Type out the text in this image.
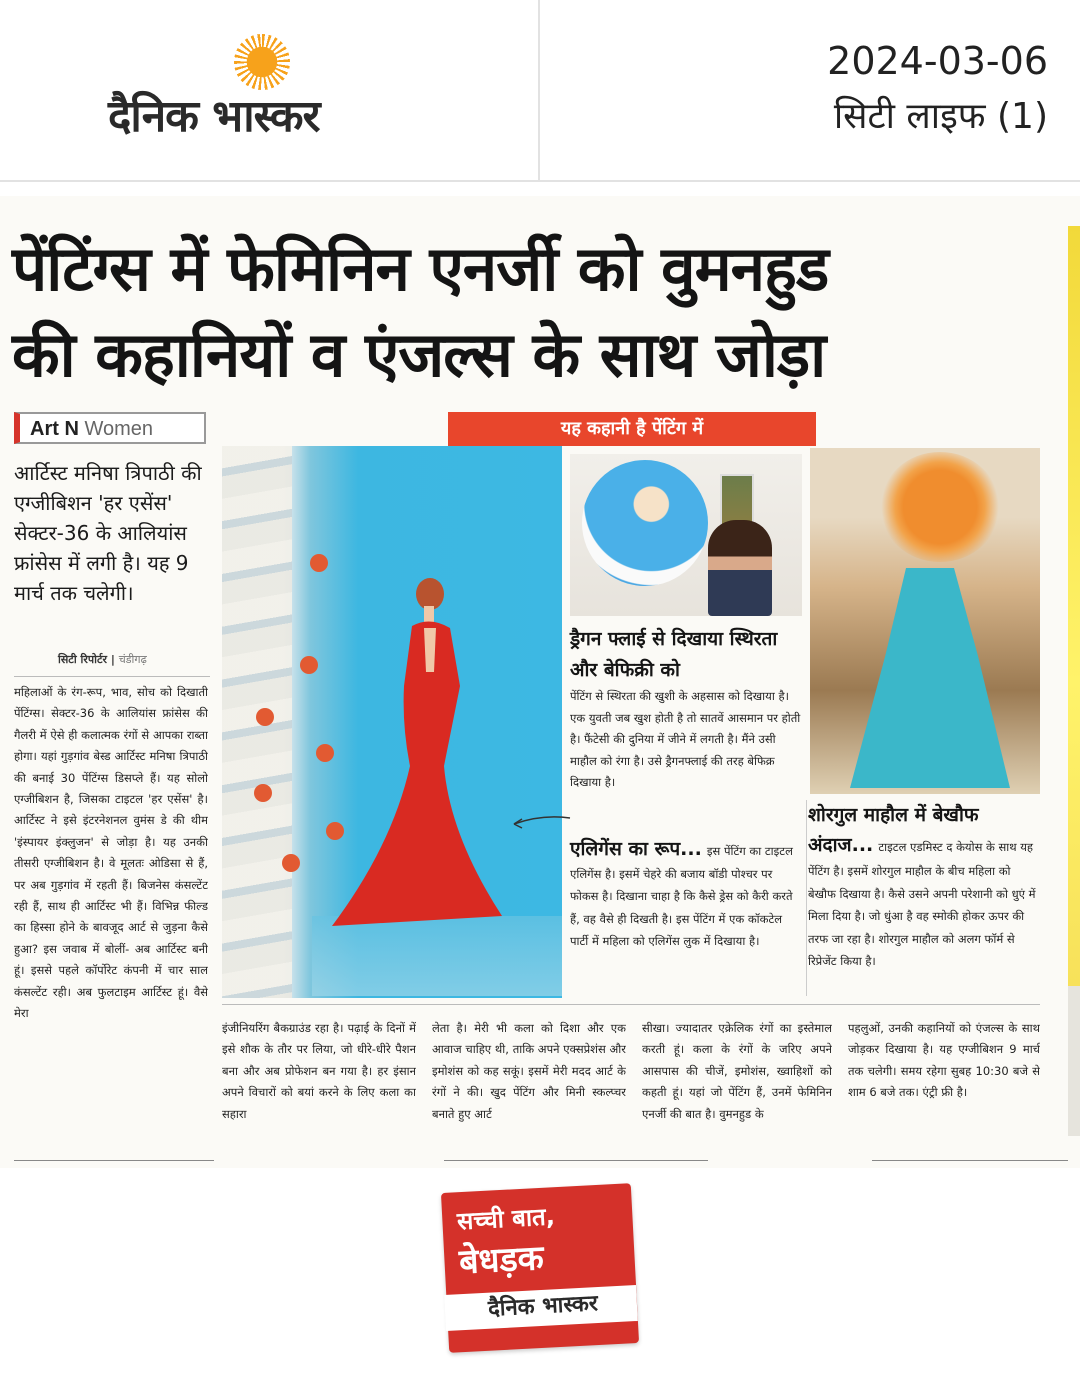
दैनिक भास्कर
2024-03-06
सिटी लाइफ (1)
पेंटिंग्स में फेमिनिन एनर्जी को वुमनहुड
की कहानियों व एंजल्स के साथ जोड़ा
Art N Women	यह कहानी है पेंटिंग में
आर्टिस्ट मनिषा त्रिपाठी की एग्जीबिशन 'हर एसेंस' सेक्टर-36 के आलियांस फ्रांसेस में लगी है। यह 9 मार्च तक चलेगी।
सिटी रिपोर्टर | चंडीगढ़
महिलाओं के रंग-रूप, भाव, सोच को दिखाती पेंटिंग्स। सेक्टर-36 के आलियांस फ्रांसेस की गैलरी में ऐसे ही कलात्मक रंगों से आपका राब्ता होगा। यहां गुड़गांव बेस्ड आर्टिस्ट मनिषा त्रिपाठी की बनाई 30 पेंटिंग्स डिसप्ले हैं। यह सोलो एग्जीबिशन है, जिसका टाइटल 'हर एसेंस' है। आर्टिस्ट ने इसे इंटरनेशनल वुमंस डे की थीम 'इंस्पायर इंक्लुजन' से जोड़ा है। यह उनकी तीसरी एग्जीबिशन है। वे मूलतः ओडिसा से हैं, पर अब गुड़गांव में रहती हैं। बिजनेस कंसल्टेंट रही हैं, साथ ही आर्टिस्ट भी हैं। विभिन्न फील्ड का हिस्सा होने के बावजूद आर्ट से जुड़ना कैसे हुआ? इस जवाब में बोलीं- अब आर्टिस्ट बनी हूं। इससे पहले कॉर्पोरेट कंपनी में चार साल कंसल्टेंट रही। अब फुलटाइम आर्टिस्ट हूं। वैसे मेरा
ड्रैगन फ्लाई से दिखाया स्थिरता और बेफिक्री को
पेंटिंग से स्थिरता की खुशी के अहसास को दिखाया है। एक युवती जब खुश होती है तो सातवें आसमान पर होती है। फैंटेसी की दुनिया में जीने में लगती है। मैंने उसी माहौल को रंगा है। उसे ड्रैगनफ्लाई की तरह बेफिक्र दिखाया है।
एलिगेंस का रूप... इस पेंटिंग का टाइटल एलिगेंस है। इसमें चेहरे की बजाय बॉडी पोश्चर पर फोकस है। दिखाना चाहा है कि कैसे ड्रेस को कैरी करते हैं, वह वैसे ही दिखती है। इस पेंटिंग में एक कॉकटेल पार्टी में महिला को एलिगेंस लुक में दिखाया है।
शोरगुल माहौल में बेखौफ अंदाज... टाइटल एडमिस्ट द केयोस के साथ यह पेंटिंग है। इसमें शोरगुल माहौल के बीच महिला को बेखौफ दिखाया है। कैसे उसने अपनी परेशानी को धुएं में मिला दिया है। जो धुंआ है वह स्मोकी होकर ऊपर की तरफ जा रहा है। शोरगुल माहौल को अलग फॉर्म से रिप्रेजेंट किया है।
इंजीनियरिंग बैकग्राउंड रहा है। पढ़ाई के दिनों में इसे शौक के तौर पर लिया, जो धीरे-धीरे पैशन बना और अब प्रोफेशन बन गया है। हर इंसान अपने विचारों को बयां करने के लिए कला का सहारा
लेता है। मेरी भी कला को दिशा और एक आवाज चाहिए थी, ताकि अपने एक्सप्रेशंस और इमोशंस को कह सकूं। इसमें मेरी मदद आर्ट के रंगों ने की। खुद पेंटिंग और मिनी स्कल्प्चर बनाते हुए आर्ट
सीखा। ज्यादातर एक्रेलिक रंगों का इस्तेमाल करती हूं। कला के रंगों के जरिए अपने आसपास की चीजें, इमोशंस, ख्वाहिशों को कहती हूं। यहां जो पेंटिंग हैं, उनमें फेमिनिन एनर्जी की बात है। वुमनहुड के
पहलुओं, उनकी कहानियों को एंजल्स के साथ जोड़कर दिखाया है। यह एग्जीबिशन 9 मार्च तक चलेगी। समय रहेगा सुबह 10:30 बजे से शाम 6 बजे तक। एंट्री फ्री है।
सच्ची बात,
बेधड़क
दैनिक भास्कर
